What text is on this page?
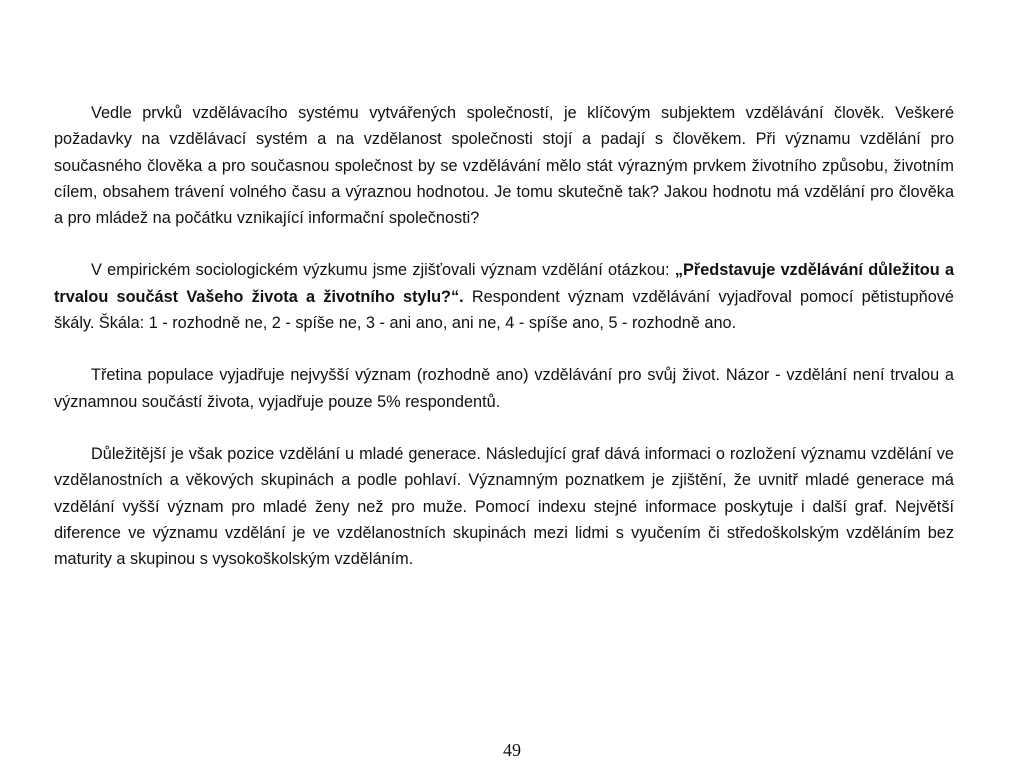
Vedle prvků vzdělávacího systému vytvářených společností, je klíčovým subjektem vzdělávání člověk. Veškeré požadavky na vzdělávací systém a na vzdělanost společnosti stojí a padají s člověkem. Při významu vzdělání pro současného člověka a pro současnou společnost by se vzdělávání mělo stát výrazným prvkem životního způsobu, životním cílem, obsahem trávení volného času a výraznou hodnotou. Je tomu skutečně tak? Jakou hodnotu má vzdělání pro člověka a pro mládež na počátku vznikající informační společnosti?

V empirickém sociologickém výzkumu jsme zjišťovali význam vzdělání otázkou: „Představuje vzdělávání důležitou a trvalou součást Vašeho života a životního stylu?“. Respondent význam vzdělávání vyjadřoval pomocí pětistupňové škály. Škála: 1 - rozhodně ne, 2 - spíše ne, 3 - ani ano, ani ne, 4 - spíše ano, 5 - rozhodně ano.

Třetina populace vyjadřuje nejvyšší význam (rozhodně ano) vzdělávání pro svůj život. Názor - vzdělání není trvalou a významnou součástí života, vyjadřuje pouze 5% respondentů.

Důležitější je však pozice vzdělání u mladé generace. Následující graf dává informaci o rozložení významu vzdělání ve vzdělanostních a věkových skupinách a podle pohlaví. Významným poznatkem je zjištění, že uvnitř mladé generace má vzdělání vyšší význam pro mladé ženy než pro muže. Pomocí indexu stejné informace poskytuje i další graf. Největší diference ve významu vzdělání je ve vzdělanostních skupinách mezi lidmi s vyučením či středoškolským vzděláním bez maturity a skupinou s vysokoškolským vzděláním.

49
